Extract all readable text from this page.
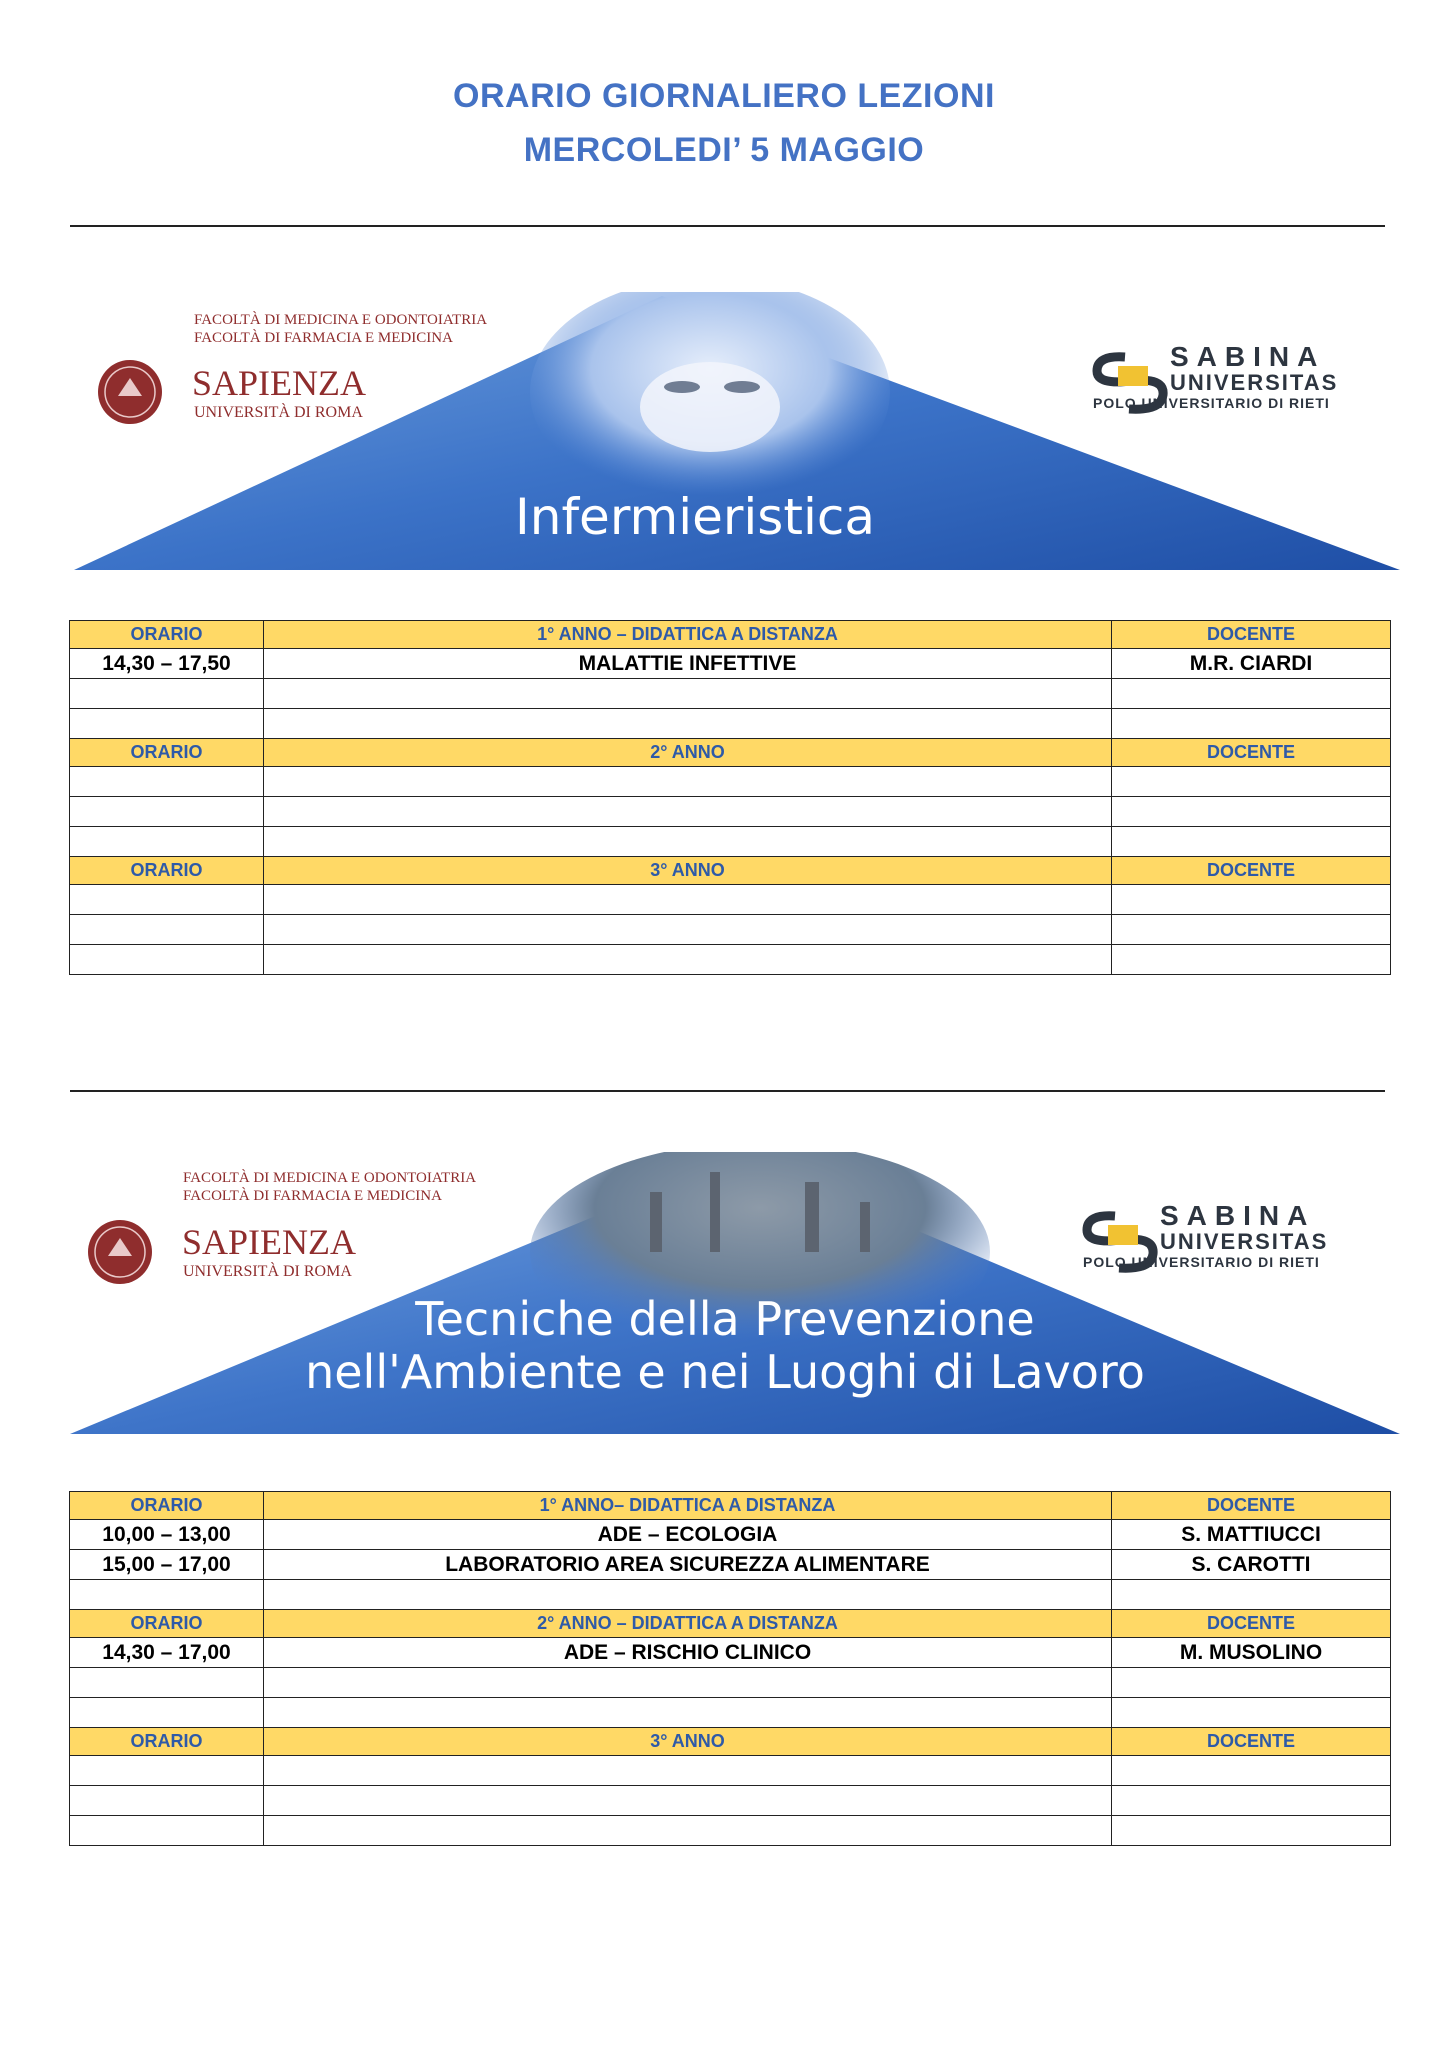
ORARIO GIORNALIERO LEZIONI
MERCOLEDI’ 5 MAGGIO
Infermieristica
FACOLTÀ DI MEDICINA E ODONTOIATRIA
FACOLTÀ DI FARMACIA E MEDICINA
SAPIENZA
UNIVERSITÀ DI ROMA
SABINA
UNIVERSITAS
POLO UNIVERSITARIO DI RIETI
ORARIO	1° ANNO – DIDATTICA A DISTANZA	DOCENTE
14,30 – 17,50	MALATTIE INFETTIVE	M.R. CIARDI

ORARIO	2° ANNO	DOCENTE

ORARIO	3° ANNO	DOCENTE

Tecniche della Prevenzione
nell'Ambiente e nei Luoghi di Lavoro
FACOLTÀ DI MEDICINA E ODONTOIATRIA
FACOLTÀ DI FARMACIA E MEDICINA
SAPIENZA
UNIVERSITÀ DI ROMA
SABINA
UNIVERSITAS
POLO UNIVERSITARIO DI RIETI
ORARIO	1° ANNO– DIDATTICA A DISTANZA	DOCENTE
10,00 – 13,00	ADE – ECOLOGIA	S. MATTIUCCI
15,00 – 17,00	LABORATORIO AREA SICUREZZA ALIMENTARE	S. CAROTTI

ORARIO	2° ANNO – DIDATTICA A DISTANZA	DOCENTE
14,30 – 17,00	ADE – RISCHIO CLINICO	M. MUSOLINO

ORARIO	3° ANNO	DOCENTE
